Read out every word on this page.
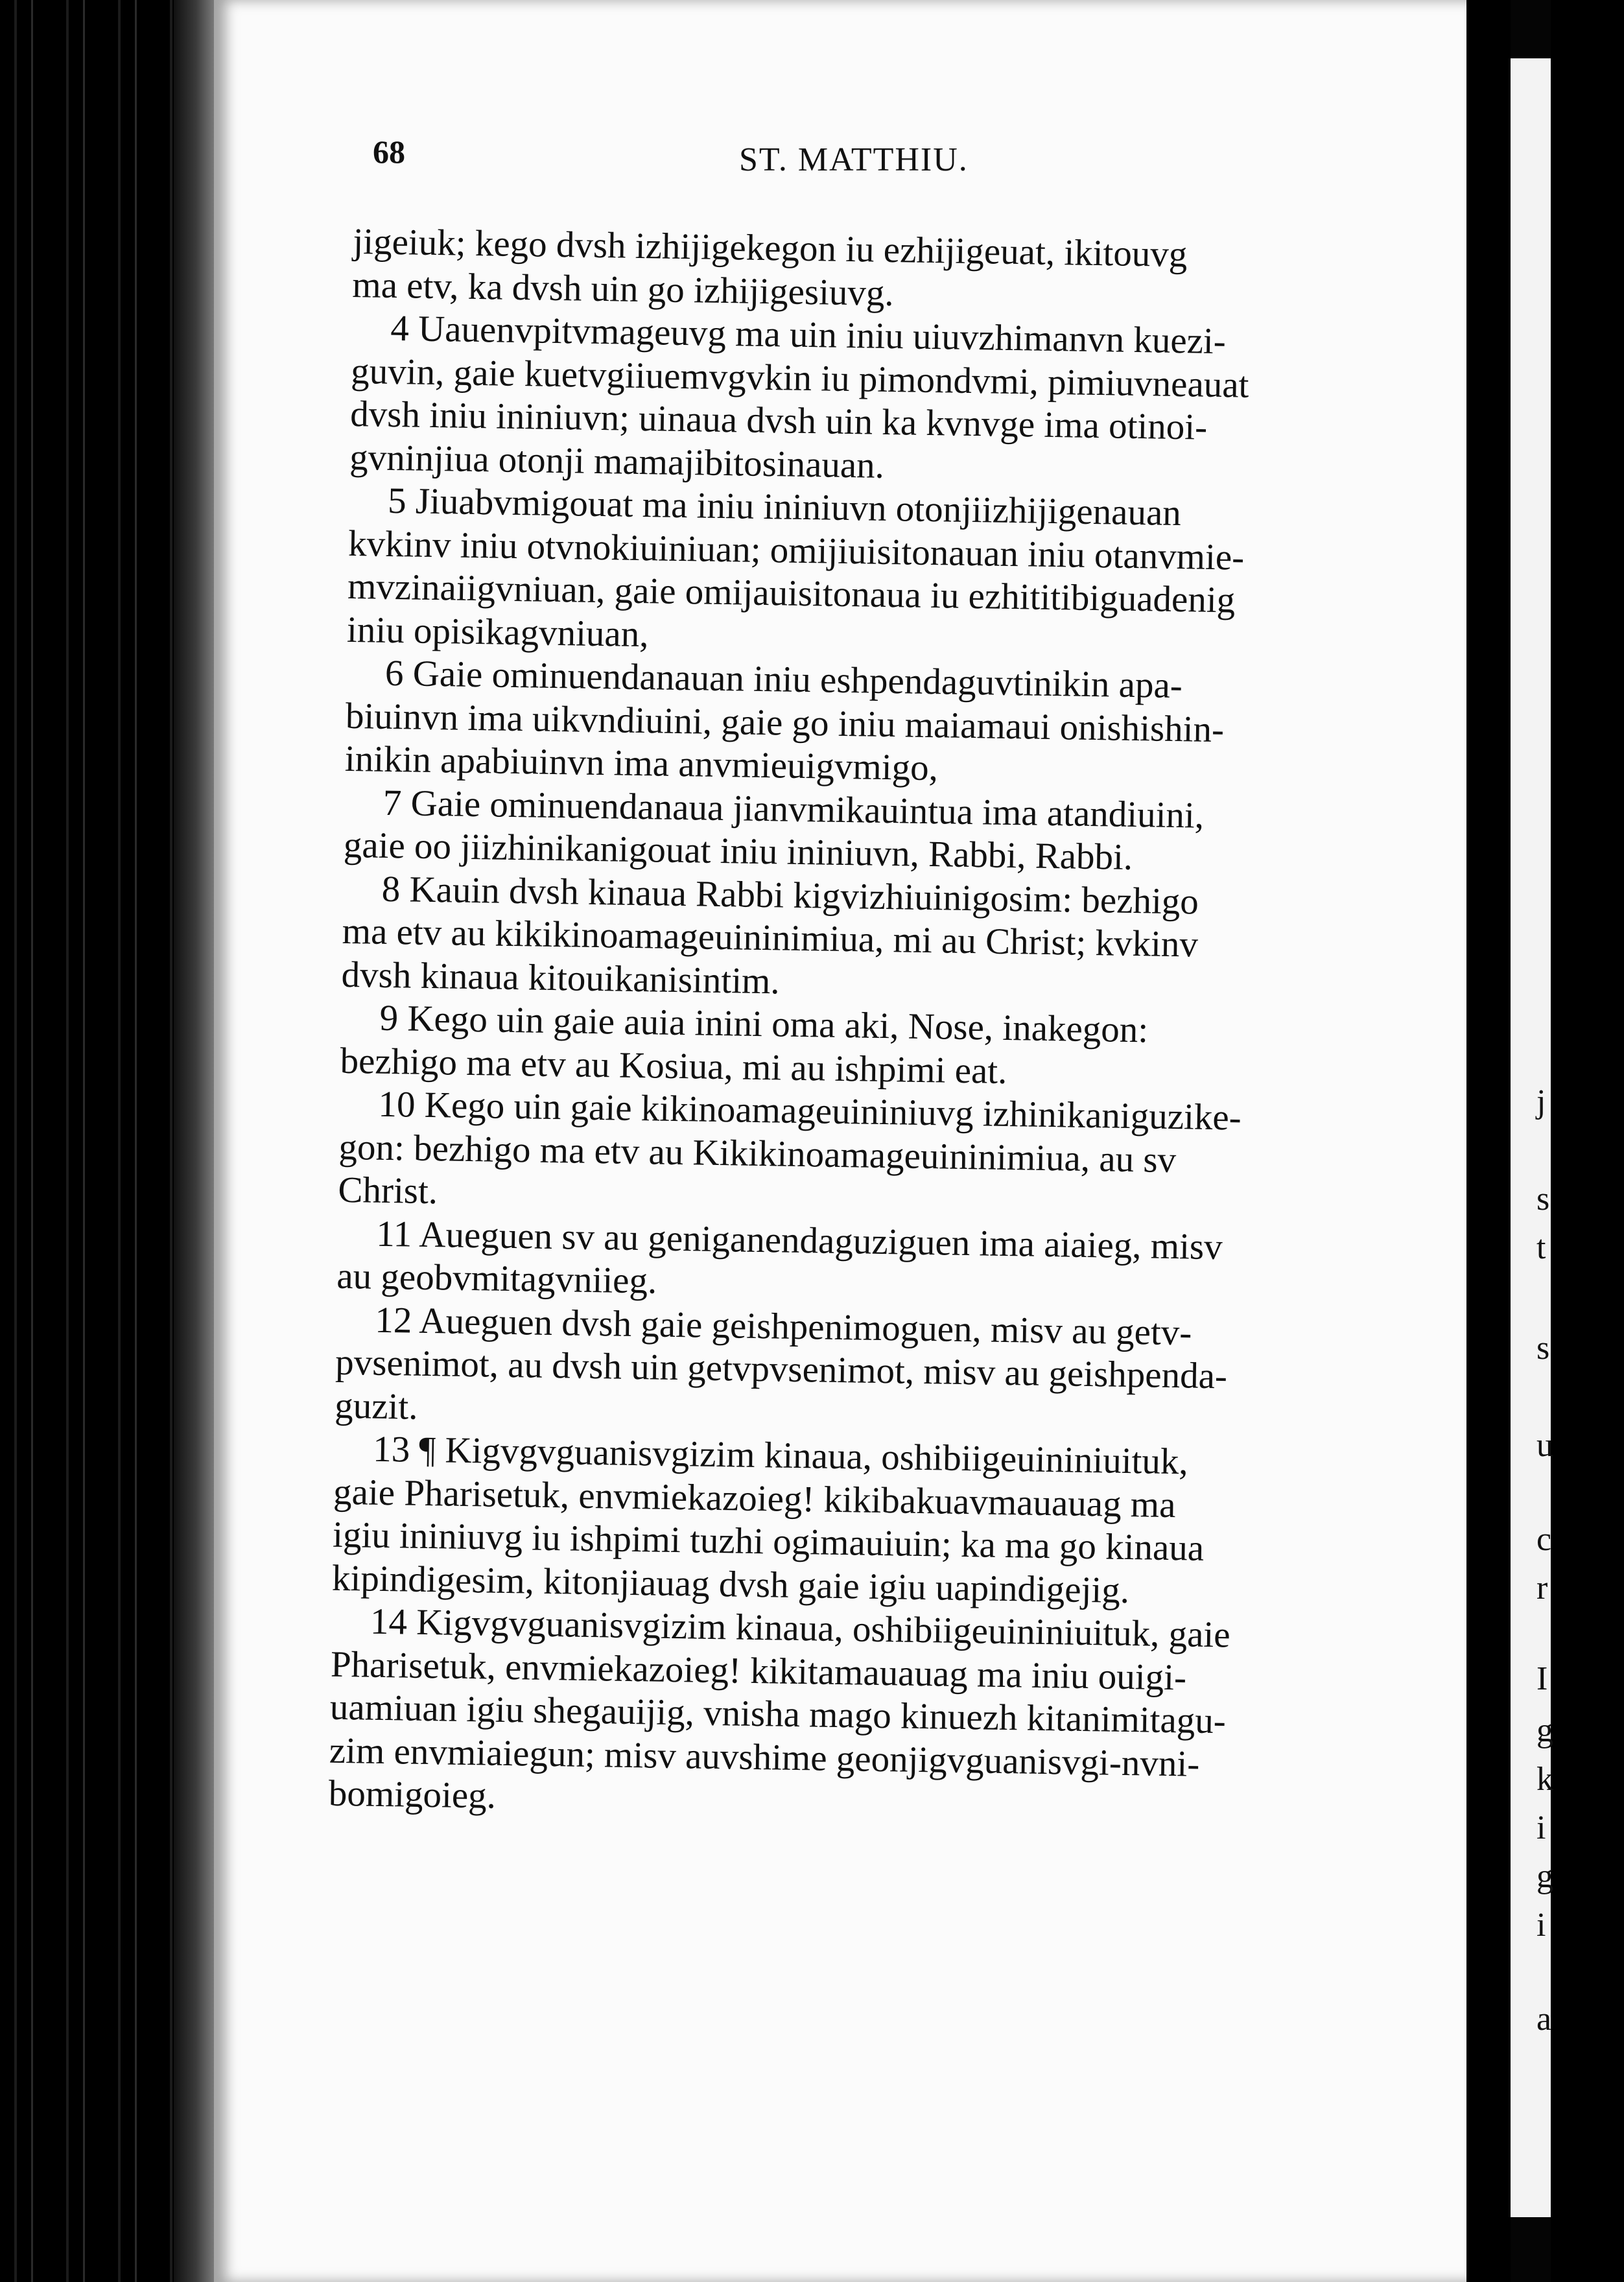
68	ST. MATTHIU.
jigeiuk; kego dvsh izhijigekegon iu ezhijigeuat, ikitouvg
ma etv, ka dvsh uin go izhijigesiuvg.
4 Uauenvpitvmageuvg ma uin iniu uiuvzhimanvn kuezi-
guvin, gaie kuetvgiiuemvgvkin iu pimondvmi, pimiuvneauat
dvsh iniu ininiuvn; uinaua dvsh uin ka kvnvge ima otinoi-
gvninjiua otonji mamajibitosinauan.
5 Jiuabvmigouat ma iniu ininiuvn otonjiizhijigenauan
kvkinv iniu otvnokiuiniuan; omijiuisitonauan iniu otanvmie-
mvzinaiigvniuan, gaie omijauisitonaua iu ezhititibiguadenig
iniu opisikagvniuan,
6 Gaie ominuendanauan iniu eshpendaguvtinikin apa-
biuinvn ima uikvndiuini, gaie go iniu maiamaui onishishin-
inikin apabiuinvn ima anvmieuigvmigo,
7 Gaie ominuendanaua jianvmikauintua ima atandiuini,
gaie oo jiizhinikanigouat iniu ininiuvn, Rabbi, Rabbi.
8 Kauin dvsh kinaua Rabbi kigvizhiuinigosim: bezhigo
ma etv au kikikinoamageuininimiua, mi au Christ; kvkinv
dvsh kinaua kitouikanisintim.
9 Kego uin gaie auia inini oma aki, Nose, inakegon:
bezhigo ma etv au Kosiua, mi au ishpimi eat.
10 Kego uin gaie kikinoamageuininiuvg izhinikaniguzike-
gon: bezhigo ma etv au Kikikinoamageuininimiua, au sv
Christ.
11 Aueguen sv au geniganendaguziguen ima aiaieg, misv
au geobvmitagvniieg.
12 Aueguen dvsh gaie geishpenimoguen, misv au getv-
pvsenimot, au dvsh uin getvpvsenimot, misv au geishpenda-
guzit.
13 ¶ Kigvgvguanisvgizim kinaua, oshibiigeuininiuituk,
gaie Pharisetuk, envmiekazoieg! kikibakuavmauauag ma
igiu ininiuvg iu ishpimi tuzhi ogimauiuin; ka ma go kinaua
kipindigesim, kitonjiauag dvsh gaie igiu uapindigejig.
14 Kigvgvguanisvgizim kinaua, oshibiigeuininiuituk, gaie
Pharisetuk, envmiekazoieg! kikitamauauag ma iniu ouigi-
uamiuan igiu shegauijig, vnisha mago kinuezh kitanimitagu-
zim envmiaiegun; misv auvshime geonjigvguanisvgi-nvni-
bomigoieg.
j
s
t
s
u
c
r
I
g
k
i
g
i
a
